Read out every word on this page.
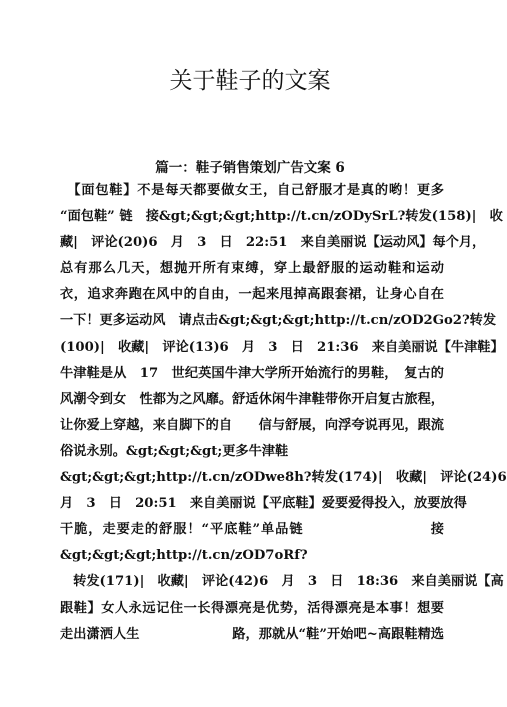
关于鞋子的文案
篇一：鞋子销售策划广告文案 6
　【面包鞋】不是每天都要做女王，自己舒服才是真的哟！更多
“面包鞋” 链　接&gt;&gt;&gt;http://t.cn/zODySrL?转发(158)|　收
藏|　评论(20)6　月　3　日　22:51　来自美丽说【运动风】每个月，
总有那么几天，想抛开所有束缚，穿上最舒服的运动鞋和运动
衣，追求奔跑在风中的自由，一起来甩掉高跟套裙，让身心自在
一下！更多运动风　请点击&gt;&gt;&gt;http://t.cn/zOD2Go2?转发
(100)|　收藏|　评论(13)6　月　3　日　21:36　来自美丽说【牛津鞋】
牛津鞋是从　17　世纪英国牛津大学所开始流行的男鞋，　复古的
风潮令到女　性都为之风靡。舒适休闲牛津鞋带你开启复古旅程，
让你爱上穿越，来自脚下的自　　信与舒展，向浮夸说再见，跟流
俗说永别。&gt;&gt;&gt;更多牛津鞋
&gt;&gt;&gt;http://t.cn/zODwe8h?转发(174)|　收藏|　评论(24)6
月　3　日　20:51　来自美丽说【平底鞋】爱要爱得投入，放要放得
干脆，走要走的舒服！“平底鞋”单品链　　　　　　　　　接
&gt;&gt;&gt;http://t.cn/zOD7oRf?
　转发(171)|　收藏|　评论(42)6　月　3　日　18:36　来自美丽说【高
跟鞋】女人永远记住一长得漂亮是优势，活得漂亮是本事！想要
走出潇洒人生　　　　　　　路，那就从“鞋”开始吧~高跟鞋精选
